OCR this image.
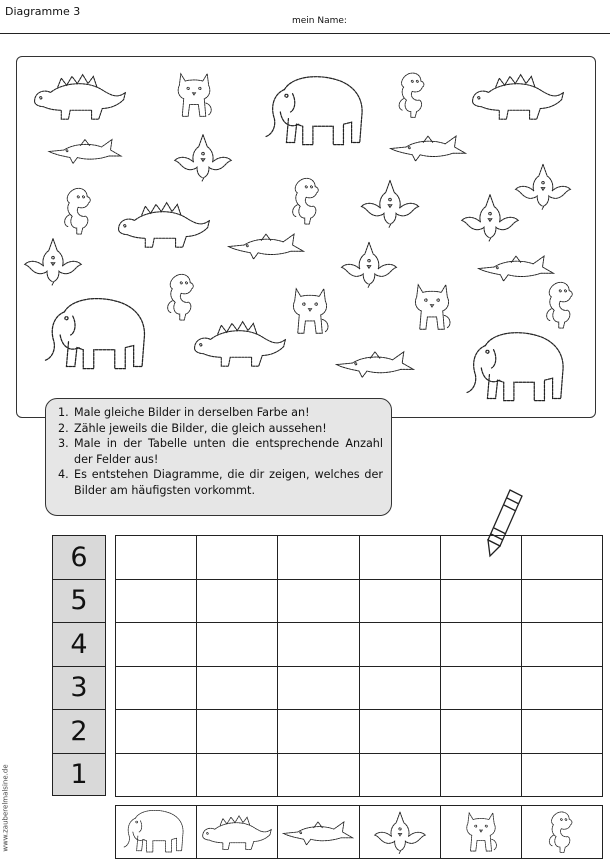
Diagramme 3
mein Name:
1. Male gleiche Bilder in derselben Farbe an!
2. Zähle jeweils die Bilder, die gleich aussehen!
3. Male in der Tabelle unten die entsprechende Anzahl der Felder aus!
4. Es entstehen Diagramme, die dir zeigen, welches der Bilder am häufigsten vorkommt.
6
5
4
3
2
1
www.zauberelmalsine.de
